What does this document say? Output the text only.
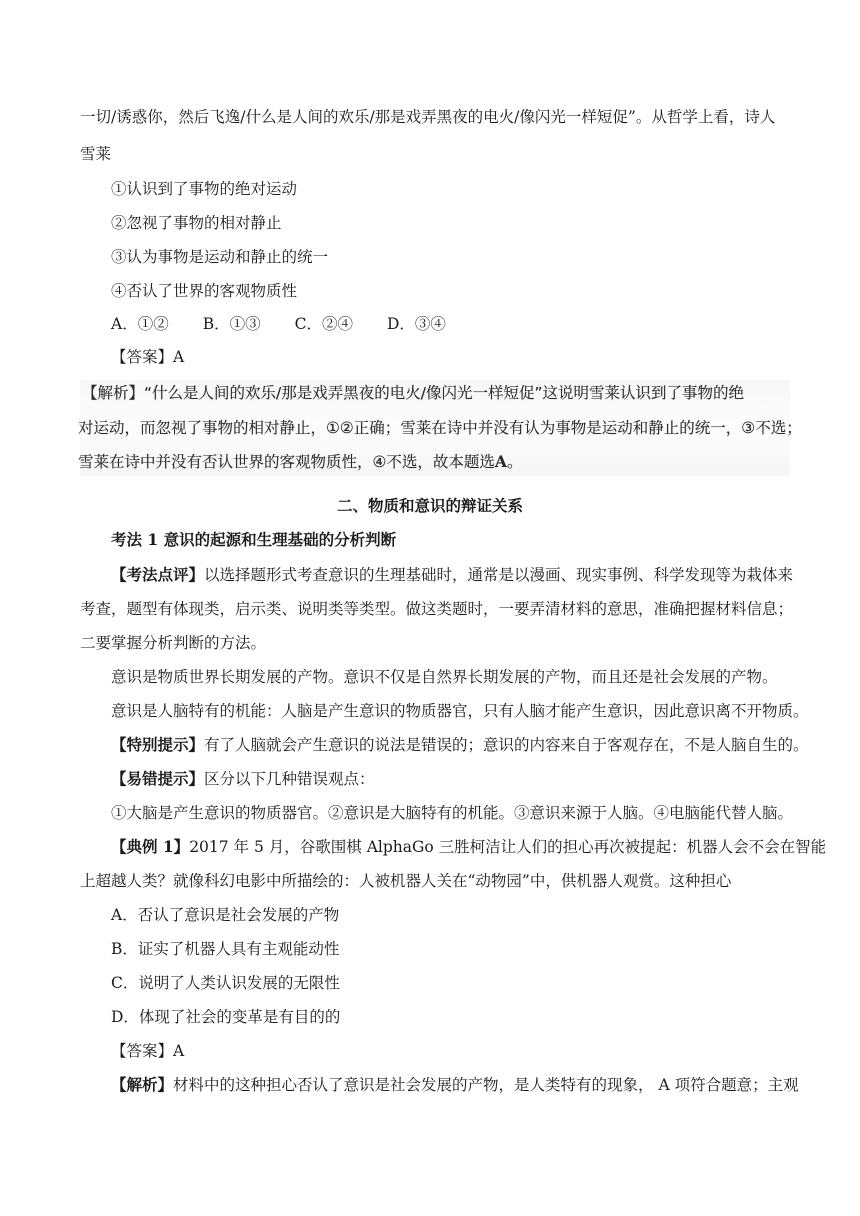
一切/诱惑你，然后飞逸/什么是人间的欢乐/那是戏弄黑夜的电火/像闪光一样短促”。从哲学上看，诗人
雪莱
①认识到了事物的绝对运动
②忽视了事物的相对静止
③认为事物是运动和静止的统一
④否认了世界的客观物质性
A．①② B．①③ C．②④ D．③④
【答案】A
【解析】“什么是人间的欢乐/那是戏弄黑夜的电火/像闪光一样短促”这说明雪莱认识到了事物的绝
对运动，而忽视了事物的相对静止，①②正确；雪莱在诗中并没有认为事物是运动和静止的统一，③不选；
雪莱在诗中并没有否认世界的客观物质性，④不选，故本题选A。
二、物质和意识的辩证关系
考法 1 意识的起源和生理基础的分析判断
【考法点评】以选择题形式考查意识的生理基础时，通常是以漫画、现实事例、科学发现等为栽体来
考查，题型有体现类，启示类、说明类等类型。做这类题时，一要弄清材料的意思，准确把握材料信息；
二要掌握分析判断的方法。
意识是物质世界长期发展的产物。意识不仅是自然界长期发展的产物，而且还是社会发展的产物。
意识是人脑特有的机能：人脑是产生意识的物质器官，只有人脑才能产生意识，因此意识离不开物质。
【特别提示】有了人脑就会产生意识的说法是错误的；意识的内容来自于客观存在，不是人脑自生的。
【易错提示】区分以下几种错误观点：
①大脑是产生意识的物质器官。②意识是大脑特有的机能。③意识来源于人脑。④电脑能代替人脑。
【典例 1】2017 年 5 月，谷歌围棋 AlphaGo 三胜柯洁让人们的担心再次被提起：机器人会不会在智能
上超越人类？就像科幻电影中所描绘的：人被机器人关在“动物园”中，供机器人观赏。这种担心
A．否认了意识是社会发展的产物
B．证实了机器人具有主观能动性
C．说明了人类认识发展的无限性
D．体现了社会的变革是有目的的
【答案】A
【解析】材料中的这种担心否认了意识是社会发展的产物，是人类特有的现象， A 项符合题意；主观
